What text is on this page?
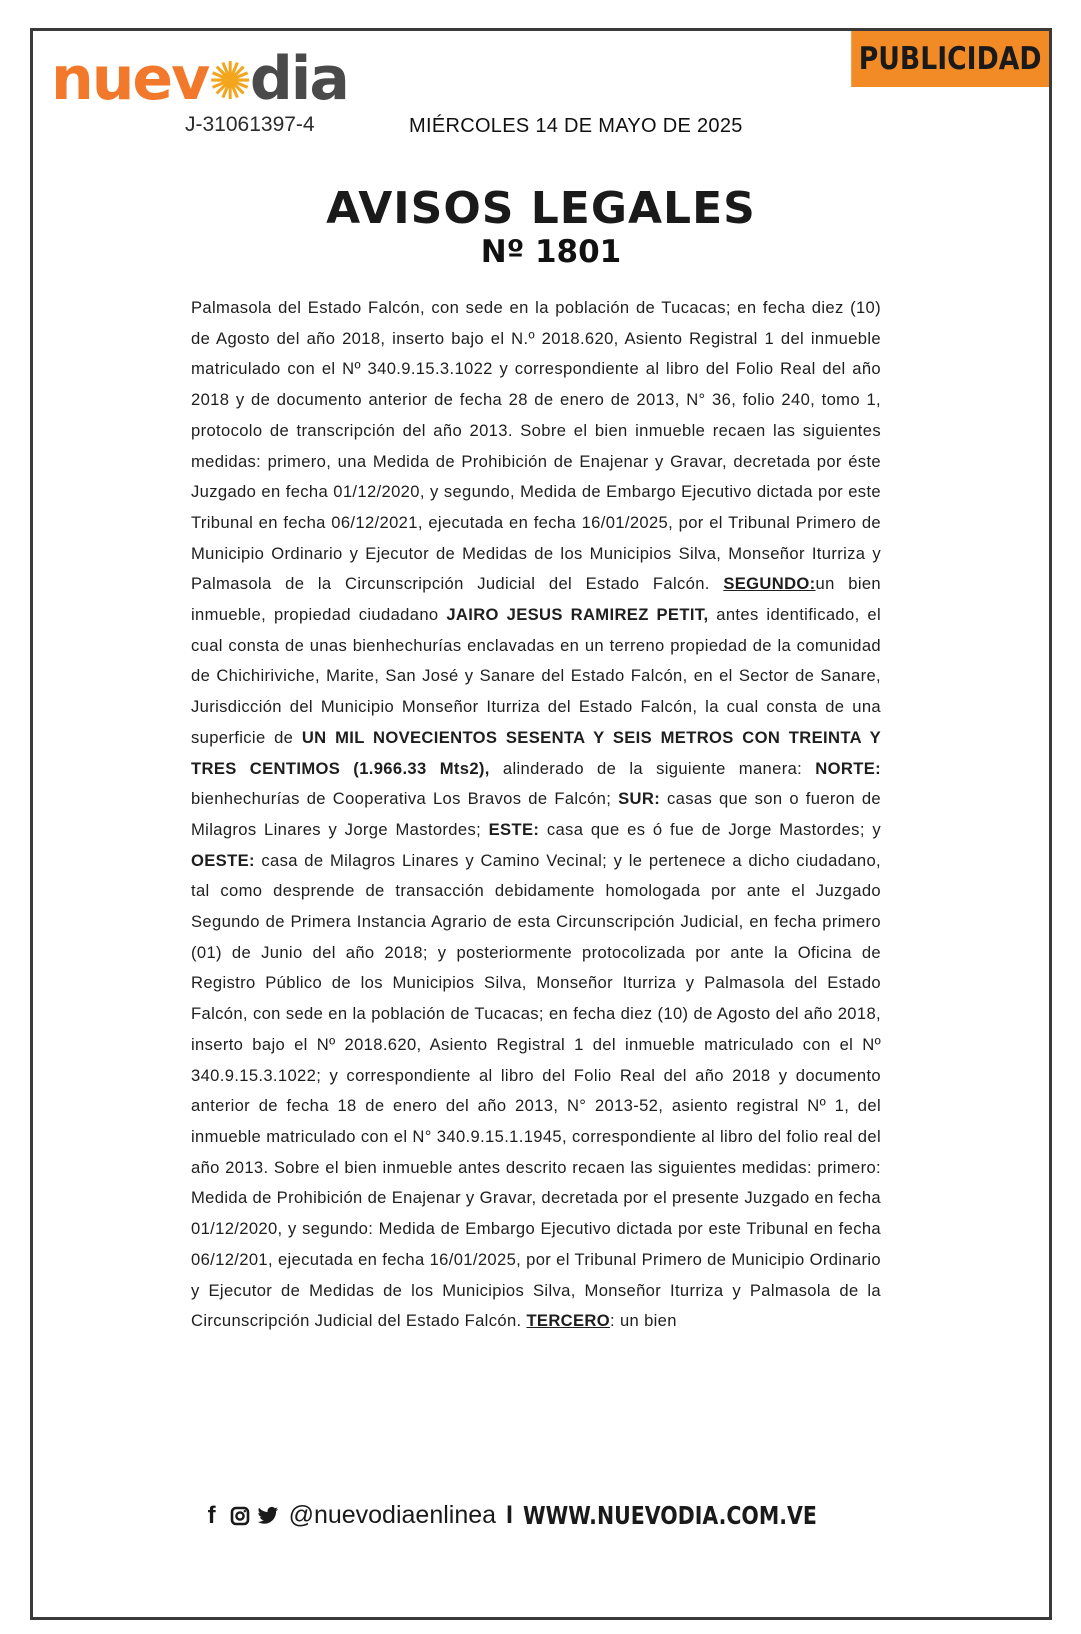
nuev✺dia
J-31061397-4	MIÉRCOLES 14 DE MAYO DE 2025
PUBLICIDAD
AVISOS LEGALES
Nº 1801

Palmasola del Estado Falcón, con sede en la población de Tucacas; en fecha diez (10) de Agosto del año 2018, inserto bajo el N.º 2018.620, Asiento Registral 1 del inmueble matriculado con el Nº 340.9.15.3.1022 y correspondiente al libro del Folio Real del año 2018 y de documento anterior de fecha 28 de enero de 2013, N° 36, folio 240, tomo 1, protocolo de transcripción del año 2013. Sobre el bien inmueble recaen las siguientes medidas: primero, una Medida de Prohibición de Enajenar y Gravar, decretada por éste Juzgado en fecha 01/12/2020, y segundo, Medida de Embargo Ejecutivo dictada por este Tribunal en fecha 06/12/2021, ejecutada en fecha 16/01/2025, por el Tribunal Primero de Municipio Ordinario y Ejecutor de Medidas de los Municipios Silva, Monseñor Iturriza y Palmasola de la Circunscripción Judicial del Estado Falcón. SEGUNDO:un bien inmueble, propiedad ciudadano JAIRO JESUS RAMIREZ PETIT, antes identificado, el cual consta de unas bienhechurías enclavadas en un terreno propiedad de la comunidad de Chichiriviche, Marite, San José y Sanare del Estado Falcón, en el Sector de Sanare, Jurisdicción del Municipio Monseñor Iturriza del Estado Falcón, la cual consta de una superficie de UN MIL NOVECIENTOS SESENTA Y SEIS METROS CON TREINTA Y TRES CENTIMOS (1.966.33 Mts2), alinderado de la siguiente manera: NORTE: bienhechurías de Cooperativa Los Bravos de Falcón; SUR: casas que son o fueron de Milagros Linares y Jorge Mastordes; ESTE: casa que es ó fue de Jorge Mastordes; y OESTE: casa de Milagros Linares y Camino Vecinal; y le pertenece a dicho ciudadano, tal como desprende de transacción debidamente homologada por ante el Juzgado Segundo de Primera Instancia Agrario de esta Circunscripción Judicial, en fecha primero (01) de Junio del año 2018; y posteriormente protocolizada por ante la Oficina de Registro Público de los Municipios Silva, Monseñor Iturriza y Palmasola del Estado Falcón, con sede en la población de Tucacas; en fecha diez (10) de Agosto del año 2018, inserto bajo el Nº 2018.620, Asiento Registral 1 del inmueble matriculado con el Nº 340.9.15.3.1022; y correspondiente al libro del Folio Real del año 2018 y documento anterior de fecha 18 de enero del año 2013, N° 2013-52, asiento registral Nº 1, del inmueble matriculado con el N° 340.9.15.1.1945, correspondiente al libro del folio real del año 2013. Sobre el bien inmueble antes descrito recaen las siguientes medidas: primero: Medida de Prohibición de Enajenar y Gravar, decretada por el presente Juzgado en fecha 01/12/2020, y segundo: Medida de Embargo Ejecutivo dictada por este Tribunal en fecha 06/12/201, ejecutada en fecha 16/01/2025, por el Tribunal Primero de Municipio Ordinario y Ejecutor de Medidas de los Municipios Silva, Monseñor Iturriza y Palmasola de la Circunscripción Judicial del Estado Falcón. TERCERO: un bien

f	@nuevodiaenlinea I WWW.NUEVODIA.COM.VE
